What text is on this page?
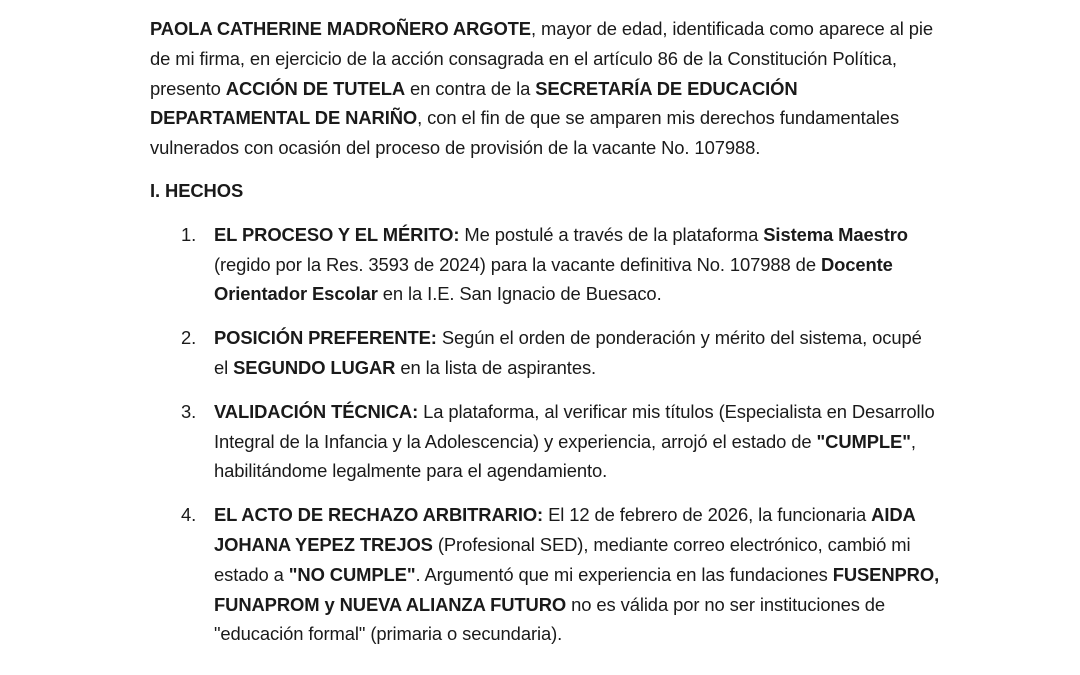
PAOLA CATHERINE MADROÑERO ARGOTE, mayor de edad, identificada como aparece al pie de mi firma, en ejercicio de la acción consagrada en el artículo 86 de la Constitución Política, presento ACCIÓN DE TUTELA en contra de la SECRETARÍA DE EDUCACIÓN DEPARTAMENTAL DE NARIÑO, con el fin de que se amparen mis derechos fundamentales vulnerados con ocasión del proceso de provisión de la vacante No. 107988.

I. HECHOS

1. EL PROCESO Y EL MÉRITO: Me postulé a través de la plataforma Sistema Maestro (regido por la Res. 3593 de 2024) para la vacante definitiva No. 107988 de Docente Orientador Escolar en la I.E. San Ignacio de Buesaco.
2. POSICIÓN PREFERENTE: Según el orden de ponderación y mérito del sistema, ocupé el SEGUNDO LUGAR en la lista de aspirantes.
3. VALIDACIÓN TÉCNICA: La plataforma, al verificar mis títulos (Especialista en Desarrollo Integral de la Infancia y la Adolescencia) y experiencia, arrojó el estado de "CUMPLE", habilitándome legalmente para el agendamiento.
4. EL ACTO DE RECHAZO ARBITRARIO: El 12 de febrero de 2026, la funcionaria AIDA JOHANA YEPEZ TREJOS (Profesional SED), mediante correo electrónico, cambió mi estado a "NO CUMPLE". Argumentó que mi experiencia en las fundaciones FUSENPRO, FUNAPROM y NUEVA ALIANZA FUTURO no es válida por no ser instituciones de "educación formal" (primaria o secundaria).
